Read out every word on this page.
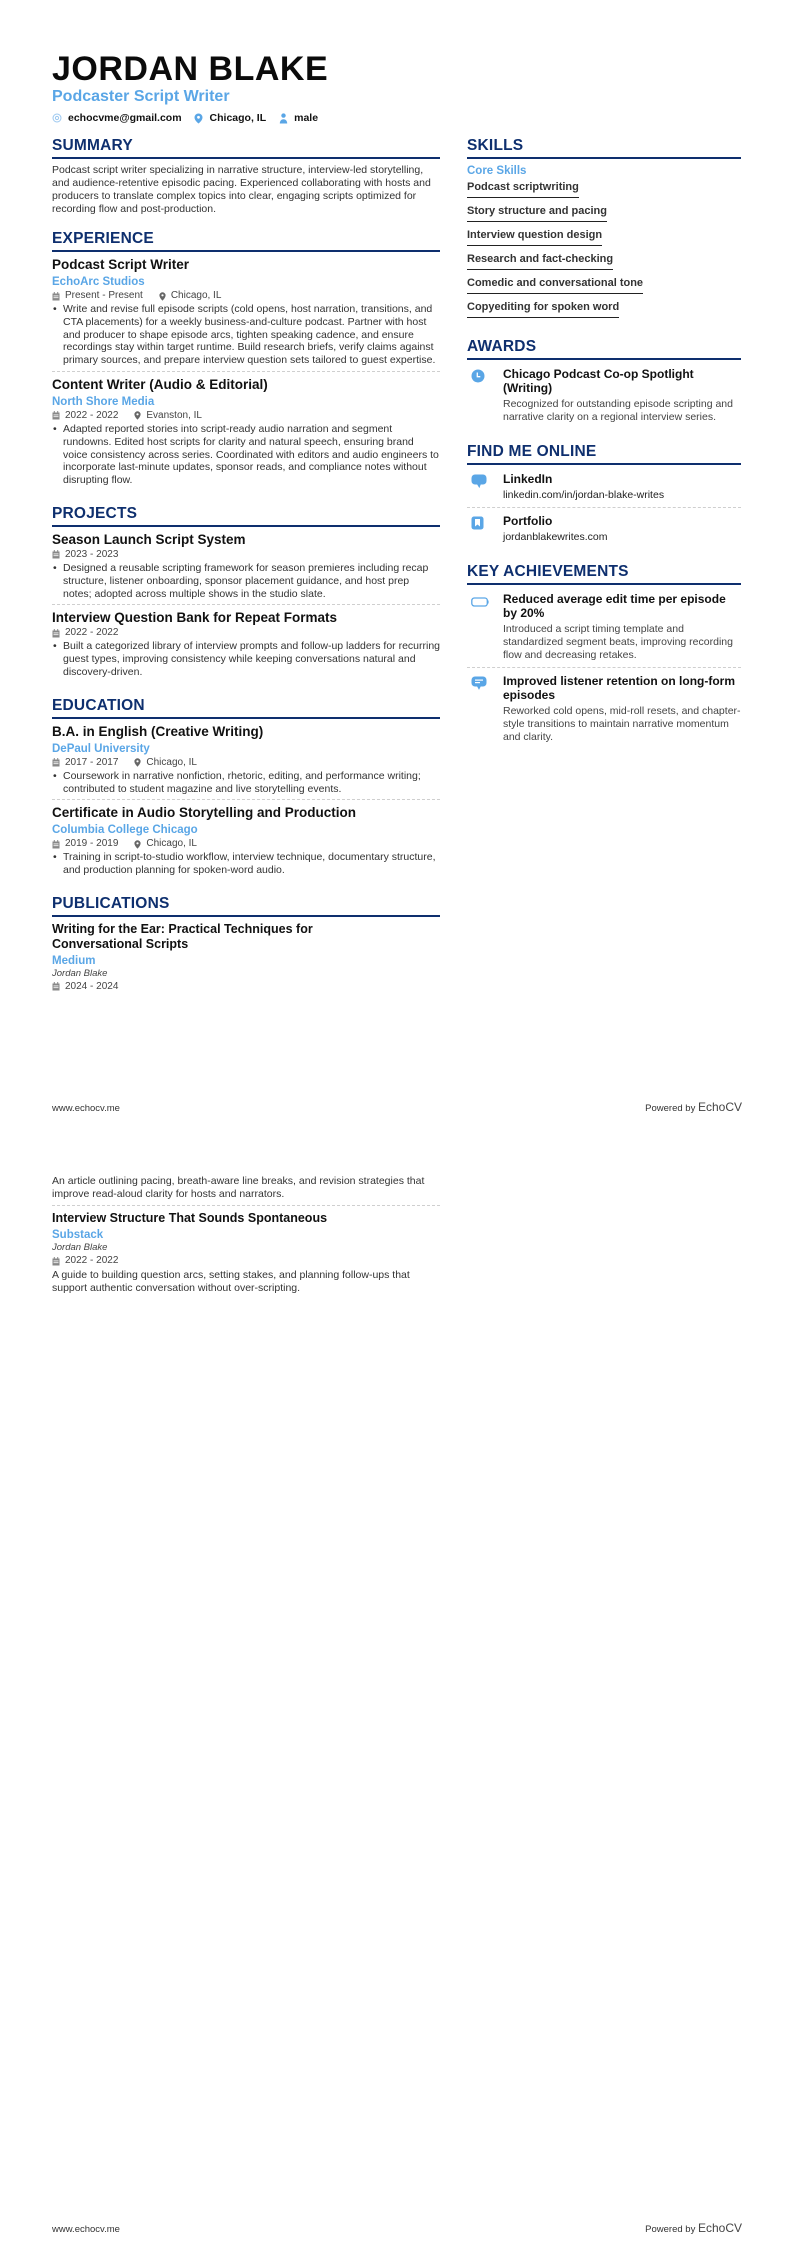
JORDAN BLAKE
Podcaster Script Writer
echocvme@gmail.com	Chicago, IL	male
SUMMARY
Podcast script writer specializing in narrative structure, interview-led storytelling, and audience-retentive episodic pacing. Experienced collaborating with hosts and producers to translate complex topics into clear, engaging scripts optimized for recording flow and post-production.
EXPERIENCE
Podcast Script Writer
EchoArc Studios
Present - Present	Chicago, IL
• Write and revise full episode scripts (cold opens, host narration, transitions, and CTA placements) for a weekly business-and-culture podcast. Partner with host and producer to shape episode arcs, tighten speaking cadence, and ensure recordings stay within target runtime. Build research briefs, verify claims against primary sources, and prepare interview question sets tailored to guest expertise.
Content Writer (Audio & Editorial)
North Shore Media
2022 - 2022	Evanston, IL
• Adapted reported stories into script-ready audio narration and segment rundowns. Edited host scripts for clarity and natural speech, ensuring brand voice consistency across series. Coordinated with editors and audio engineers to incorporate last-minute updates, sponsor reads, and compliance notes without disrupting flow.
PROJECTS
Season Launch Script System
2023 - 2023
• Designed a reusable scripting framework for season premieres including recap structure, listener onboarding, sponsor placement guidance, and host prep notes; adopted across multiple shows in the studio slate.
Interview Question Bank for Repeat Formats
2022 - 2022
• Built a categorized library of interview prompts and follow-up ladders for recurring guest types, improving consistency while keeping conversations natural and discovery-driven.
EDUCATION
B.A. in English (Creative Writing)
DePaul University
2017 - 2017	Chicago, IL
• Coursework in narrative nonfiction, rhetoric, editing, and performance writing; contributed to student magazine and live storytelling events.
Certificate in Audio Storytelling and Production
Columbia College Chicago
2019 - 2019	Chicago, IL
• Training in script-to-studio workflow, interview technique, documentary structure, and production planning for spoken-word audio.
PUBLICATIONS
Writing for the Ear: Practical Techniques for Conversational Scripts
Medium
Jordan Blake
2024 - 2024
SKILLS
Core Skills
Podcast scriptwriting
Story structure and pacing
Interview question design
Research and fact-checking
Comedic and conversational tone
Copyediting for spoken word
AWARDS
Chicago Podcast Co-op Spotlight (Writing)
Recognized for outstanding episode scripting and narrative clarity on a regional interview series.
FIND ME ONLINE
LinkedIn
linkedin.com/in/jordan-blake-writes
Portfolio
jordanblakewrites.com
KEY ACHIEVEMENTS
Reduced average edit time per episode by 20%
Introduced a script timing template and standardized segment beats, improving recording flow and decreasing retakes.
Improved listener retention on long-form episodes
Reworked cold opens, mid-roll resets, and chapter-style transitions to maintain narrative momentum and clarity.
www.echocv.me	Powered by EchoCV
An article outlining pacing, breath-aware line breaks, and revision strategies that improve read-aloud clarity for hosts and narrators.
Interview Structure That Sounds Spontaneous
Substack
Jordan Blake
2022 - 2022
A guide to building question arcs, setting stakes, and planning follow-ups that support authentic conversation without over-scripting.
www.echocv.me	Powered by EchoCV
